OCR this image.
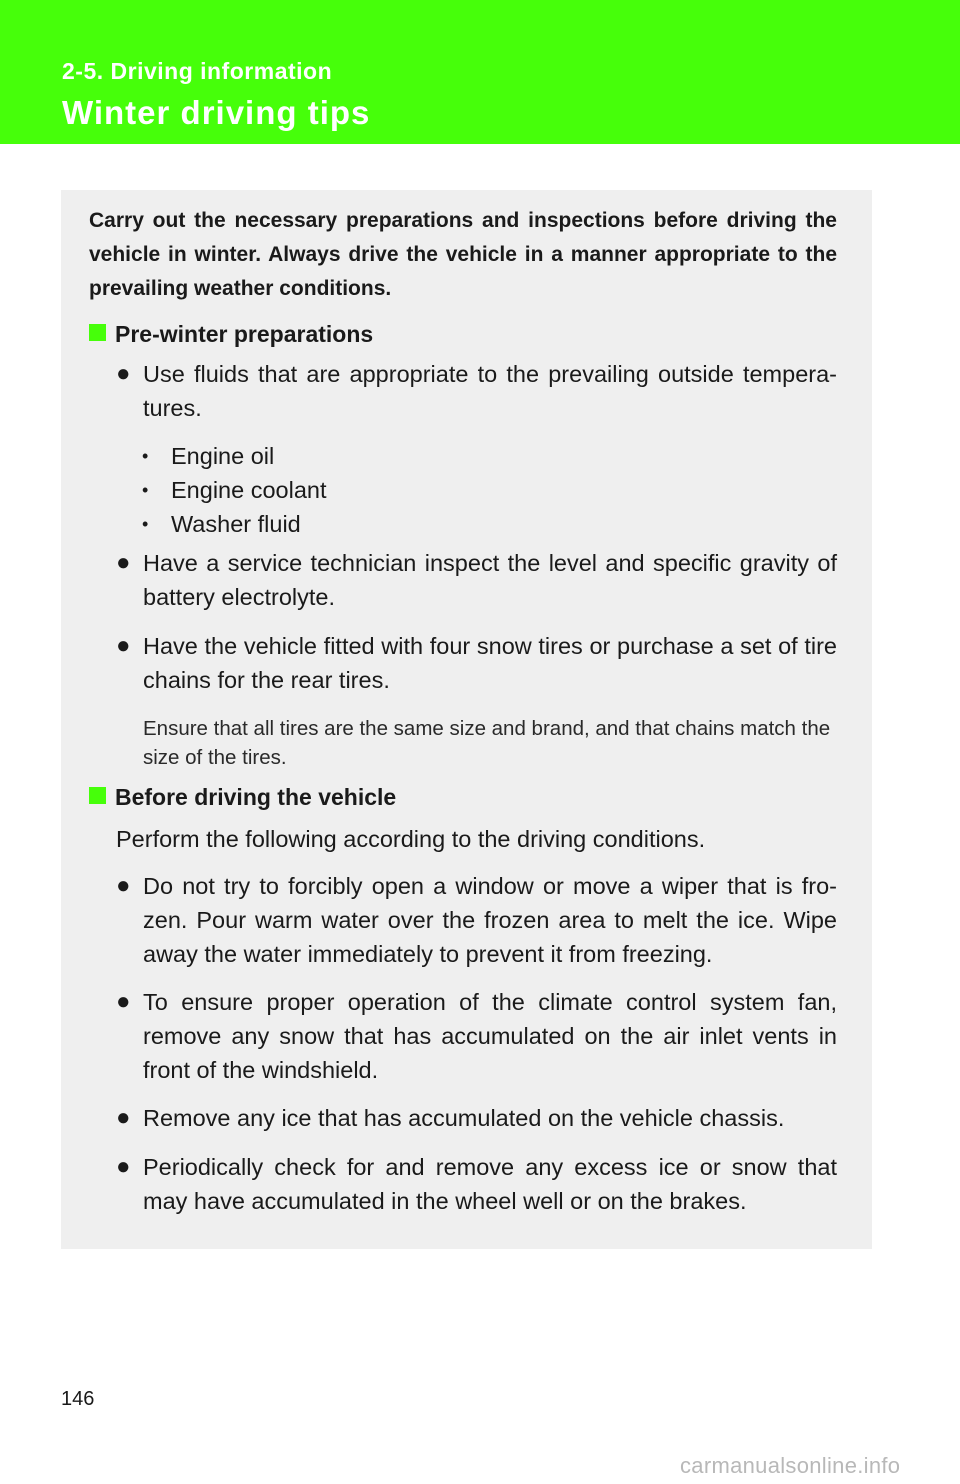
2-5. Driving information
Winter driving tips
Carry out the necessary preparations and inspections before driving the vehicle in winter. Always drive the vehicle in a manner appropriate to the prevailing weather conditions.
Pre-winter preparations
● Use fluids that are appropriate to the prevailing outside tempera-tures.
• Engine oil
• Engine coolant
• Washer fluid
● Have a service technician inspect the level and specific gravity of battery electrolyte.
● Have the vehicle fitted with four snow tires or purchase a set of tire chains for the rear tires.
Ensure that all tires are the same size and brand, and that chains match the size of the tires.
Before driving the vehicle
Perform the following according to the driving conditions.
● Do not try to forcibly open a window or move a wiper that is fro-zen. Pour warm water over the frozen area to melt the ice. Wipe away the water immediately to prevent it from freezing.
● To ensure proper operation of the climate control system fan, remove any snow that has accumulated on the air inlet vents in front of the windshield.
● Remove any ice that has accumulated on the vehicle chassis.
● Periodically check for and remove any excess ice or snow that may have accumulated in the wheel well or on the brakes.
146
carmanualsonline.info
